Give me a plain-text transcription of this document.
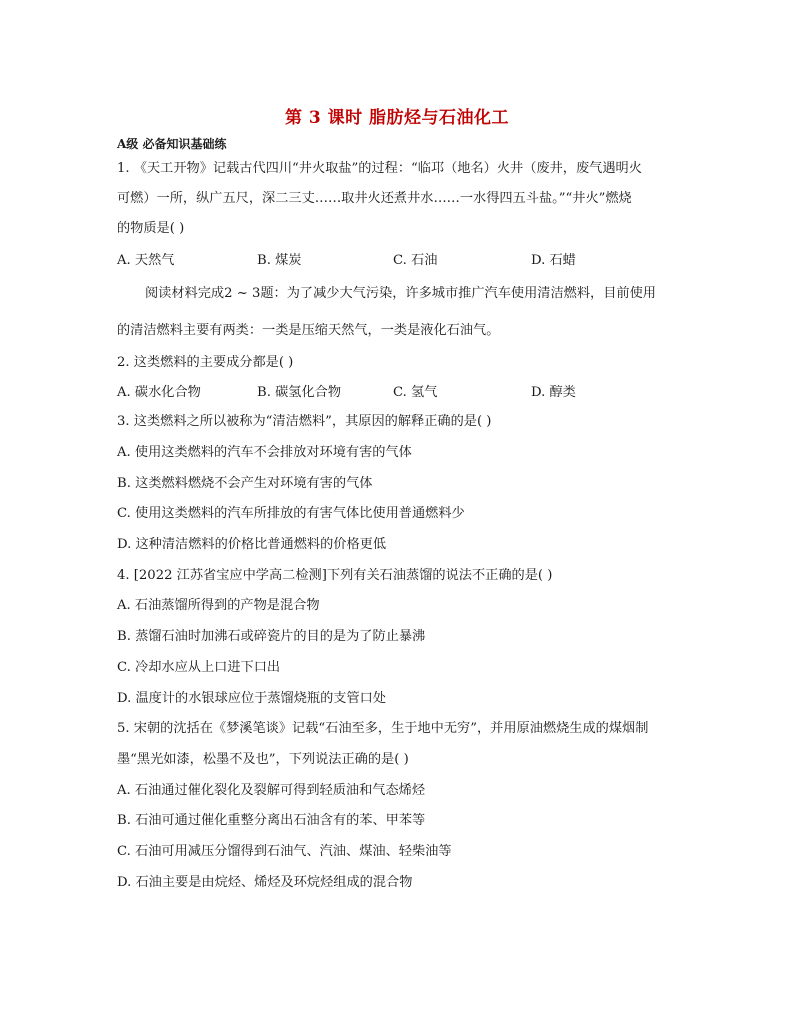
第 3 课时 脂肪烃与石油化工
A级 必备知识基础练
1. 《天工开物》记载古代四川“井火取盐”的过程：“临邛（地名）火井（废井，废气遇明火
可燃）一所，纵广五尺，深二三丈……取井火还煮井水……一水得四五斗盐。”“井火”燃烧
的物质是( )
A. 天然气	B. 煤炭	C. 石油	D. 石蜡
阅读材料完成2 ~ 3题：为了减少大气污染，许多城市推广汽车使用清洁燃料，目前使用
的清洁燃料主要有两类：一类是压缩天然气，一类是液化石油气。
2. 这类燃料的主要成分都是( )
A. 碳水化合物	B. 碳氢化合物	C. 氢气	D. 醇类
3. 这类燃料之所以被称为“清洁燃料”，其原因的解释正确的是( )
A. 使用这类燃料的汽车不会排放对环境有害的气体
B. 这类燃料燃烧不会产生对环境有害的气体
C. 使用这类燃料的汽车所排放的有害气体比使用普通燃料少
D. 这种清洁燃料的价格比普通燃料的价格更低
4. [2022 江苏省宝应中学高二检测]下列有关石油蒸馏的说法不正确的是( )
A. 石油蒸馏所得到的产物是混合物
B. 蒸馏石油时加沸石或碎瓷片的目的是为了防止暴沸
C. 冷却水应从上口进下口出
D. 温度计的水银球应位于蒸馏烧瓶的支管口处
5. 宋朝的沈括在《梦溪笔谈》记载“石油至多，生于地中无穷”，并用原油燃烧生成的煤烟制
墨“黑光如漆，松墨不及也”，下列说法正确的是( )
A. 石油通过催化裂化及裂解可得到轻质油和气态烯烃
B. 石油可通过催化重整分离出石油含有的苯、甲苯等
C. 石油可用减压分馏得到石油气、汽油、煤油、轻柴油等
D. 石油主要是由烷烃、烯烃及环烷烃组成的混合物
